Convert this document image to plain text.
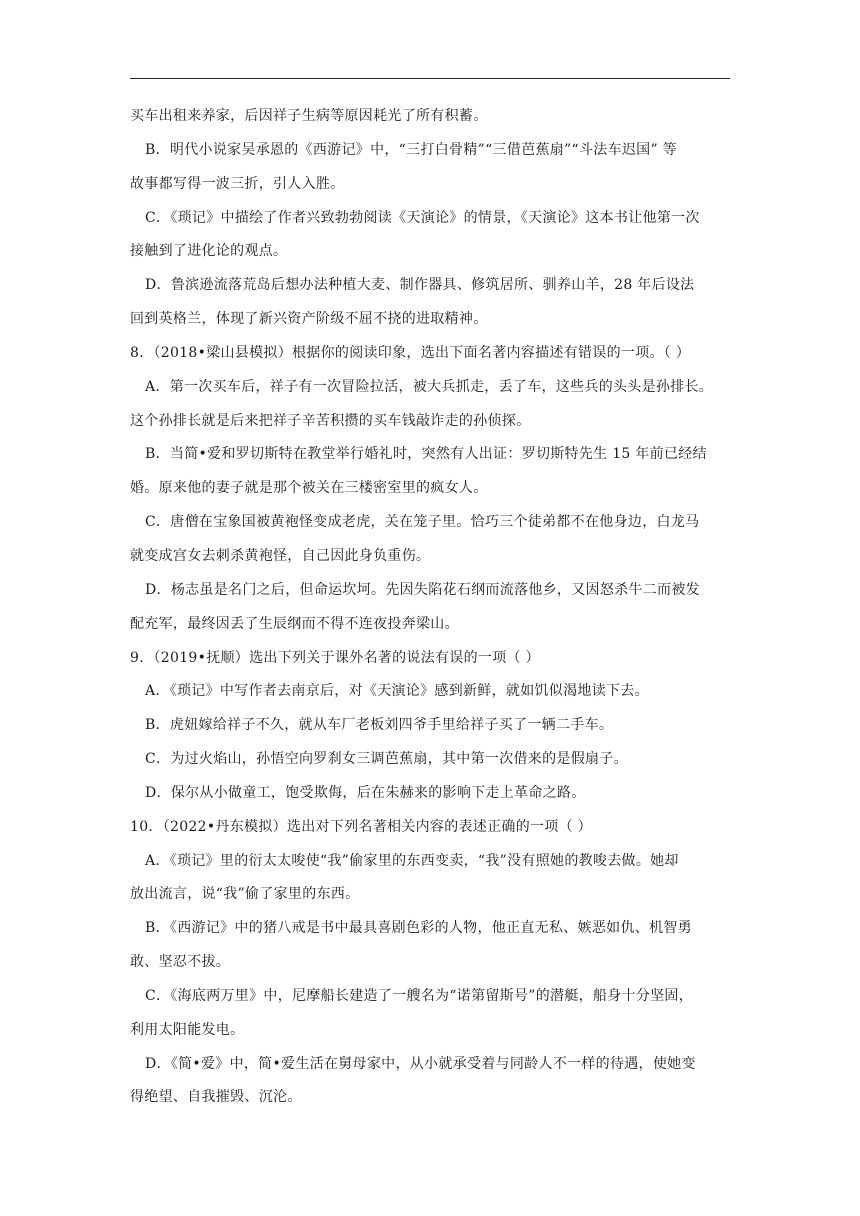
买车出租来养家，后因祥子生病等原因耗光了所有积蓄。
B．明代小说家吴承恩的《西游记》中，“三打白骨精”“三借芭蕉扇”“斗法车迟国” 等
故事都写得一波三折，引人入胜。
C．《琐记》中描绘了作者兴致勃勃阅读《天演论》的情景，《天演论》这本书让他第一次
接触到了进化论的观点。
D．鲁滨逊流落荒岛后想办法种植大麦、制作器具、修筑居所、驯养山羊，28 年后设法
回到英格兰，体现了新兴资产阶级不屈不挠的进取精神。
8．（2018•梁山县模拟）根据你的阅读印象，选出下面名著内容描述有错误的一项。（ ）
A．第一次买车后，祥子有一次冒险拉活，被大兵抓走，丢了车，这些兵的头头是孙排长。
这个孙排长就是后来把祥子辛苦积攒的买车钱敲诈走的孙侦探。
B．当简•爱和罗切斯特在教堂举行婚礼时，突然有人出证：罗切斯特先生 15 年前已经结
婚。原来他的妻子就是那个被关在三楼密室里的疯女人。
C．唐僧在宝象国被黄袍怪变成老虎，关在笼子里。恰巧三个徒弟都不在他身边，白龙马
就变成宫女去刺杀黄袍怪，自己因此身负重伤。
D．杨志虽是名门之后，但命运坎坷。先因失陷花石纲而流落他乡，又因怒杀牛二而被发
配充军，最终因丢了生辰纲而不得不连夜投奔梁山。
9．（2019•抚顺）选出下列关于课外名著的说法有误的一项（ ）
A．《琐记》中写作者去南京后，对《天演论》感到新鲜，就如饥似渴地读下去。
B．虎妞嫁给祥子不久，就从车厂老板刘四爷手里给祥子买了一辆二手车。
C．为过火焰山，孙悟空向罗刹女三调芭蕉扇，其中第一次借来的是假扇子。
D．保尔从小做童工，饱受欺侮，后在朱赫来的影响下走上革命之路。
10．（2022•丹东模拟）选出对下列名著相关内容的表述正确的一项（ ）
A．《琐记》里的衍太太唆使“我”偷家里的东西变卖，“我”没有照她的教唆去做。她却
放出流言，说“我”偷了家里的东西。
B．《西游记》中的猪八戒是书中最具喜剧色彩的人物，他正直无私、嫉恶如仇、机智勇
敢、坚忍不拔。
C．《海底两万里》中，尼摩船长建造了一艘名为“诺第留斯号”的潜艇，船身十分坚固，
利用太阳能发电。
D．《简•爱》中，简•爱生活在舅母家中，从小就承受着与同龄人不一样的待遇，使她变
得绝望、自我摧毁、沉沦。
